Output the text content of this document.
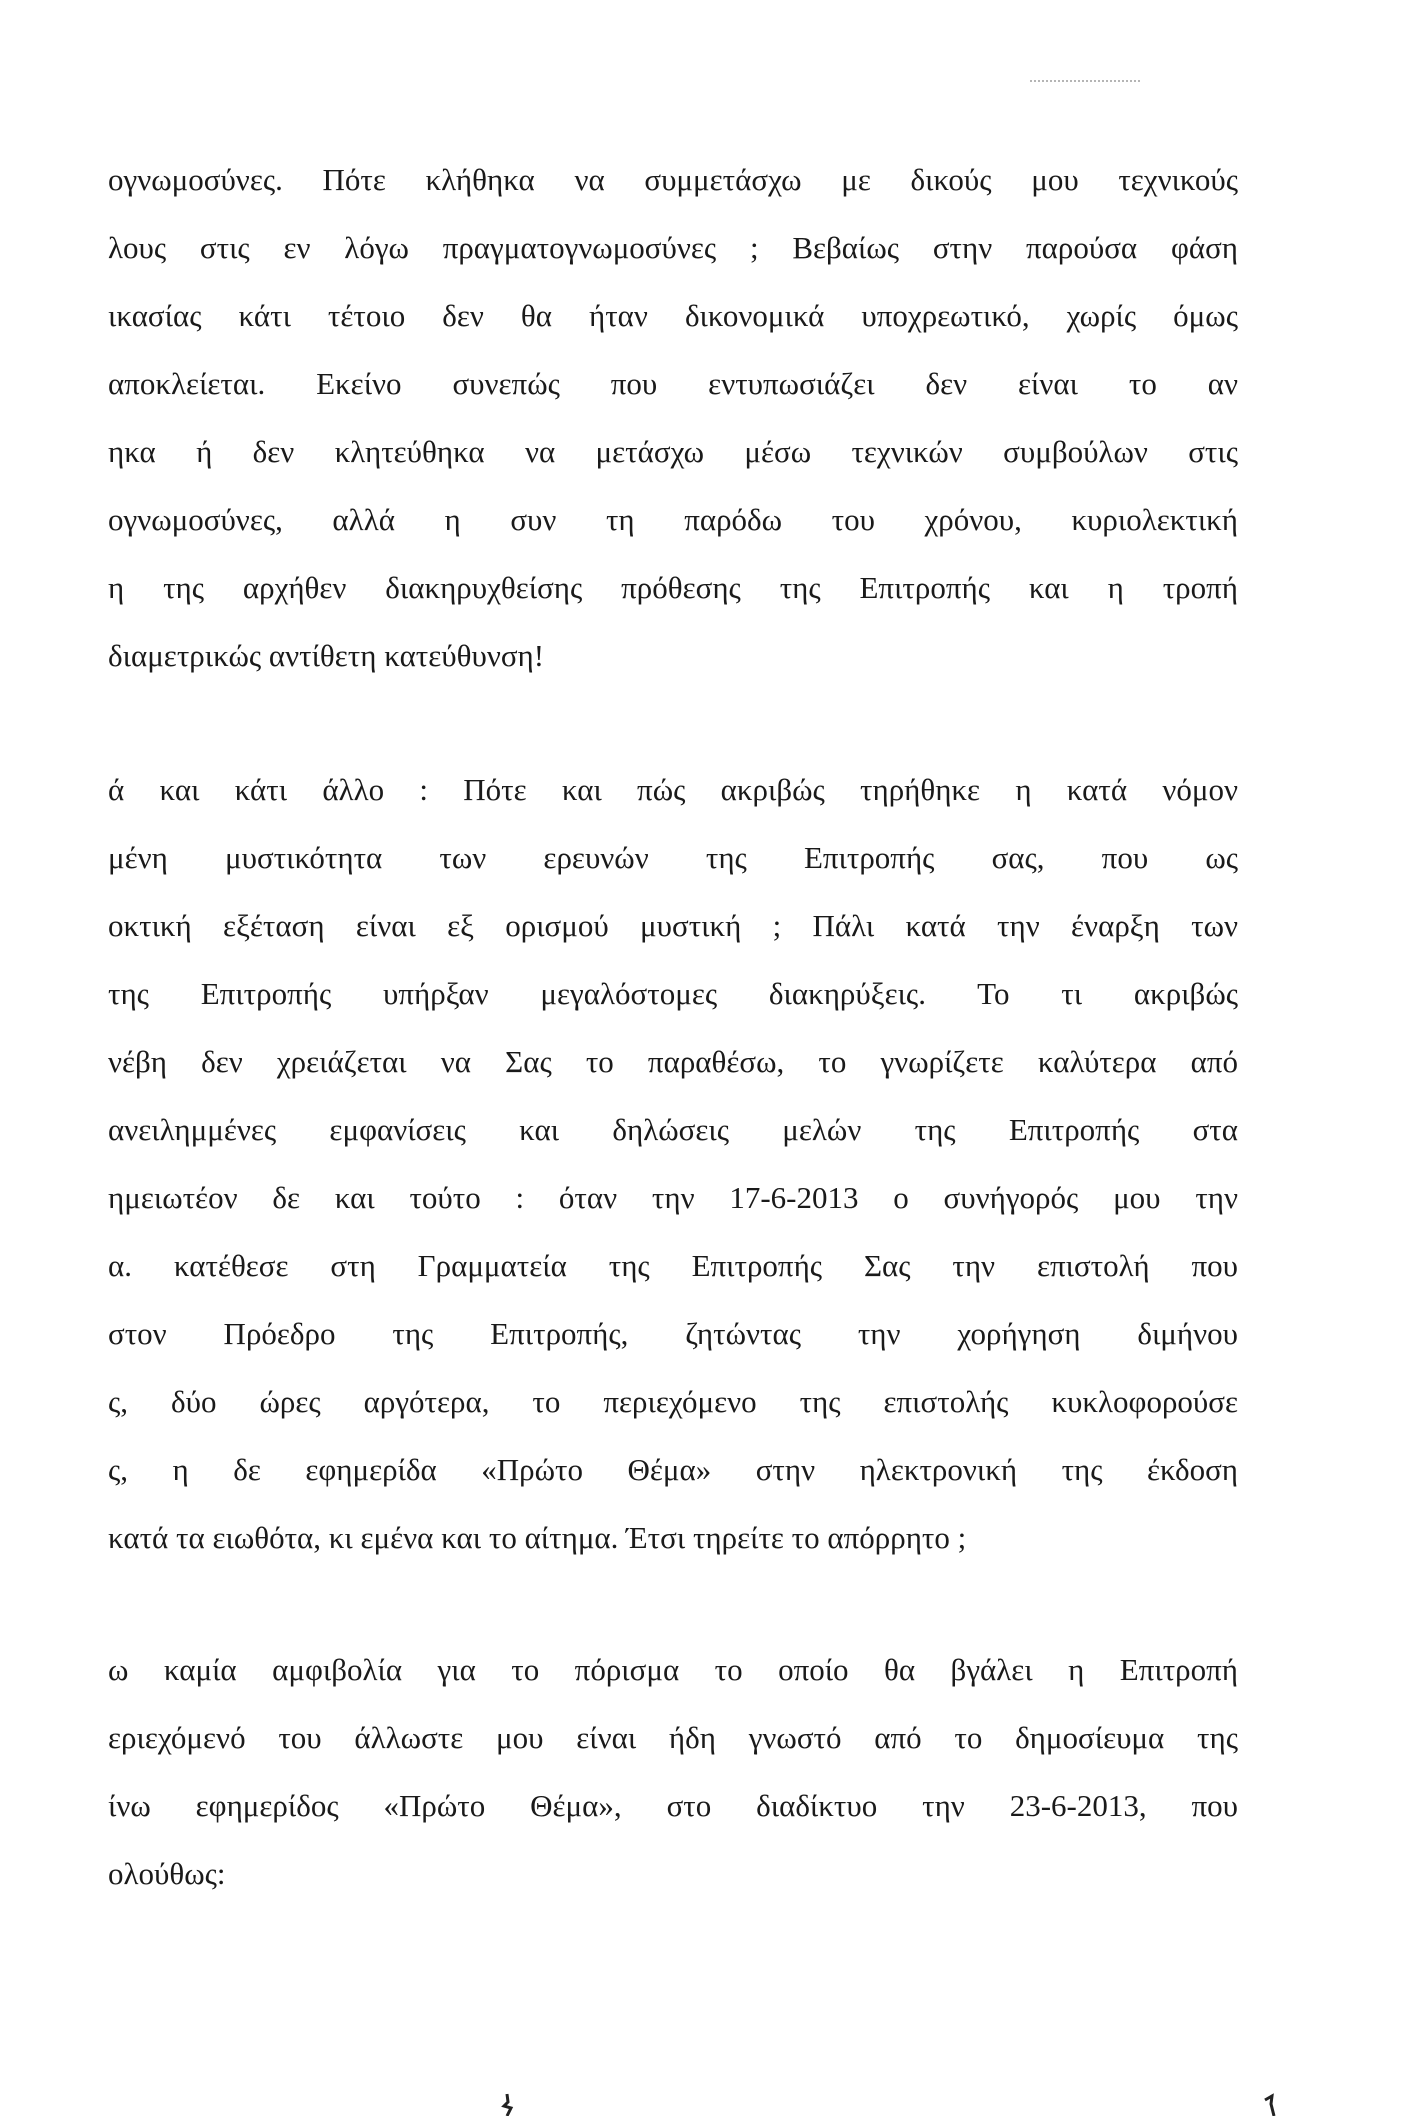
ογνωμοσύνες. Πότε κλήθηκα να συμμετάσχω με δικούς μου τεχνικούς
λους στις εν λόγω πραγματογνωμοσύνες ; Βεβαίως στην παρούσα φάση
ικασίας κάτι τέτοιο δεν θα ήταν δικονομικά υποχρεωτικό, χωρίς όμως
αποκλείεται. Εκείνο συνεπώς που εντυπωσιάζει δεν είναι το αν
ηκα ή δεν κλητεύθηκα να μετάσχω μέσω τεχνικών συμβούλων στις
ογνωμοσύνες, αλλά η συν τη παρόδω του χρόνου, κυριολεκτική
η της αρχήθεν διακηρυχθείσης πρόθεσης της Επιτροπής και η τροπή
διαμετρικώς αντίθετη κατεύθυνση!
ά και κάτι άλλο : Πότε και πώς ακριβώς τηρήθηκε η κατά νόμον
μένη μυστικότητα των ερευνών της Επιτροπής σας, που ως
οκτική εξέταση είναι εξ ορισμού μυστική ; Πάλι κατά την έναρξη των
της Επιτροπής υπήρξαν μεγαλόστομες διακηρύξεις. Το τι ακριβώς
νέβη δεν χρειάζεται να Σας το παραθέσω, το γνωρίζετε καλύτερα από
ανειλημμένες εμφανίσεις και δηλώσεις μελών της Επιτροπής στα
ημειωτέον δε και τούτο : όταν την 17-6-2013 ο συνήγορός μου την
α. κατέθεσε στη Γραμματεία της Επιτροπής Σας την επιστολή που
στον Πρόεδρο της Επιτροπής, ζητώντας την χορήγηση διμήνου
ς, δύο ώρες αργότερα, το περιεχόμενο της επιστολής κυκλοφορούσε
ς, η δε εφημερίδα «Πρώτο Θέμα» στην ηλεκτρονική της έκδοση
κατά τα ειωθότα, κι εμένα και το αίτημα. Έτσι τηρείτε το απόρρητο ;
ω καμία αμφιβολία για το πόρισμα το οποίο θα βγάλει η Επιτροπή
εριεχόμενό του άλλωστε μου είναι ήδη γνωστό από το δημοσίευμα της
ίνω εφημερίδος «Πρώτο Θέμα», στο διαδίκτυο την 23-6-2013, που
ολούθως:
